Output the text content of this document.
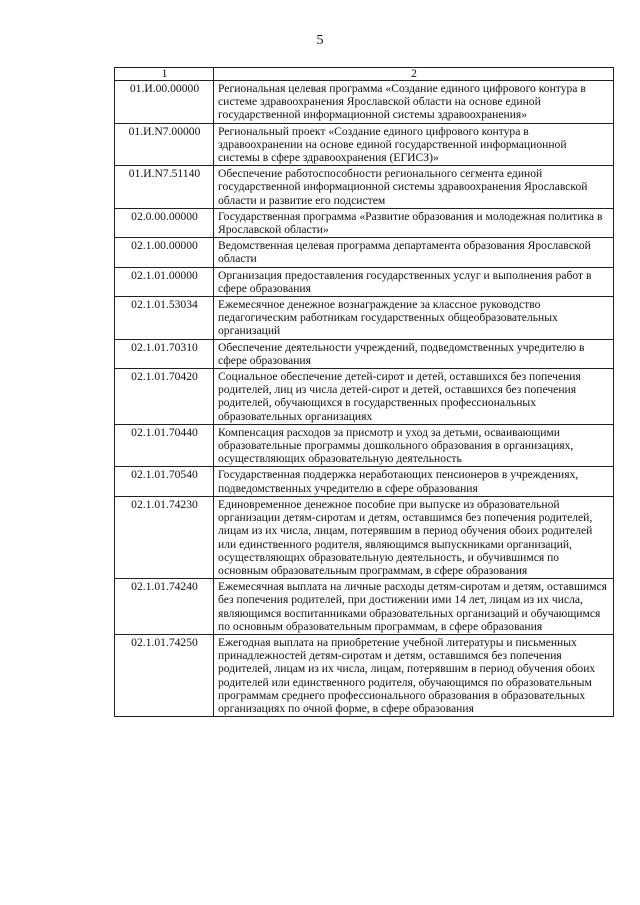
5
1	2
01.И.00.00000	Региональная целевая программа «Создание единого цифрового контура в системе здравоохранения Ярославской области на основе единой государственной информационной системы здравоохранения»
01.И.N7.00000	Региональный проект «Создание единого цифрового контура в здравоохранении на основе единой государственной информационной системы в сфере здравоохранения (ЕГИСЗ)»
01.И.N7.51140	Обеспечение работоспособности регионального сегмента единой государственной информационной системы здравоохранения Ярославской области и развитие его подсистем
02.0.00.00000	Государственная программа «Развитие образования и молодежная политика в Ярославской области»
02.1.00.00000	Ведомственная целевая программа департамента образования Ярославской области
02.1.01.00000	Организация предоставления государственных услуг и выполнения работ в сфере образования
02.1.01.53034	Ежемесячное денежное вознаграждение за классное руководство педагогическим работникам государственных общеобразовательных организаций
02.1.01.70310	Обеспечение деятельности учреждений, подведомственных учредителю в сфере образования
02.1.01.70420	Социальное обеспечение детей-сирот и детей, оставшихся без попечения родителей, лиц из числа детей-сирот и детей, оставшихся без попечения родителей, обучающихся в государственных профессиональных образовательных организациях
02.1.01.70440	Компенсация расходов за присмотр и уход за детьми, осваивающими образовательные программы дошкольного образования в организациях, осуществляющих образовательную деятельность
02.1.01.70540	Государственная поддержка неработающих пенсионеров в учреждениях, подведомственных учредителю в сфере образования
02.1.01.74230	Единовременное денежное пособие при выпуске из образовательной организации детям-сиротам и детям, оставшимся без попечения родителей, лицам из их числа, лицам, потерявшим в период обучения обоих родителей или единственного родителя, являющимся выпускниками организаций, осуществляющих образовательную деятельность, и обучившимся по основным образовательным программам, в сфере образования
02.1.01.74240	Ежемесячная выплата на личные расходы детям-сиротам и детям, оставшимся без попечения родителей, при достижении ими 14 лет, лицам из их числа, являющимся воспитанниками образовательных организаций и обучающимся по основным образовательным программам, в сфере образования
02.1.01.74250	Ежегодная выплата на приобретение учебной литературы и письменных принадлежностей детям-сиротам и детям, оставшимся без попечения родителей, лицам из их числа, лицам, потерявшим в период обучения обоих родителей или единственного родителя, обучающимся по образовательным программам среднего профессионального образования в образовательных организациях по очной форме, в сфере образования
